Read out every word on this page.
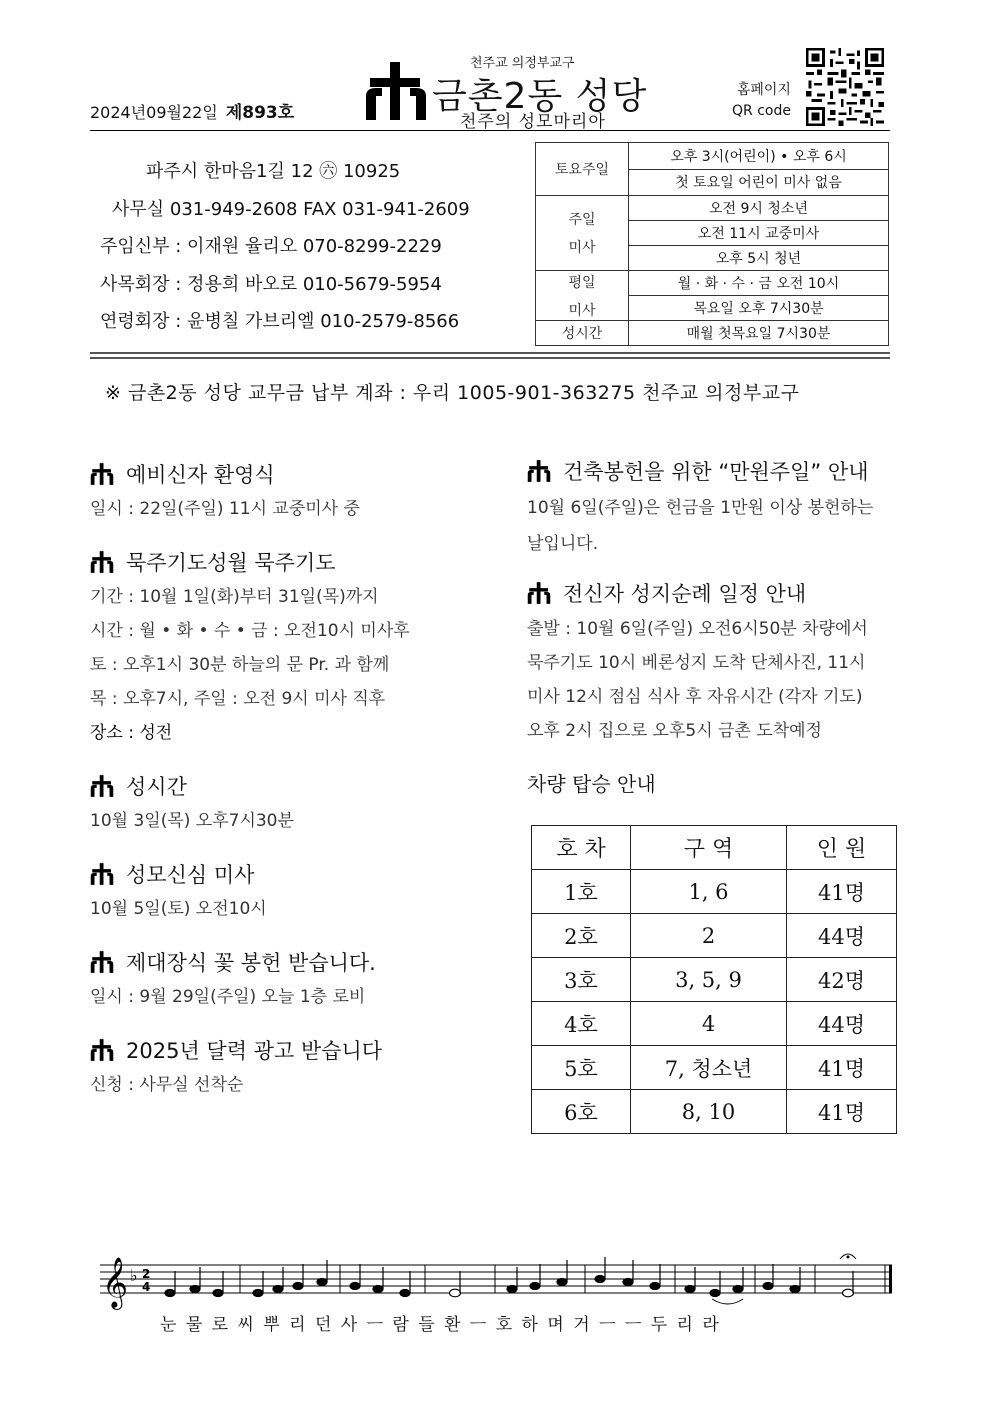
2024년09월22일 제893호
천주교 의정부교구
금촌2동 성당
천주의 성모마리아
홈페이지
QR code
파주시 한마음1길 12 ㊅ 10925
사무실 031-949-2608 FAX 031-941-2609
주임신부 : 이재원 율리오 070-8299-2229
사목회장 : 정용희 바오로 010-5679-5954
연령회장 : 윤병칠 가브리엘 010-2579-8566
토요주일	오후 3시(어린이) • 오후 6시
	첫 토요일 어린이 미사 없음

주일
미사	오전 9시 청소년
	오전 11시 교중미사
	오후 5시 청년

평일
미사	월 · 화 · 수 · 금 오전 10시
	목요일 오후 7시30분
성시간	매월 첫목요일 7시30분
※ 금촌2동 성당 교무금 납부 계좌 : 우리 1005-901-363275 천주교 의정부교구
예비신자 환영식
일시 : 22일(주일) 11시 교중미사 중
묵주기도성월 묵주기도
기간 : 10월 1일(화)부터 31일(목)까지
시간 : 월 • 화 • 수 • 금 : 오전10시 미사후
토 : 오후1시 30분 하늘의 문 Pr. 과 함께
목 : 오후7시, 주일 : 오전 9시 미사 직후
장소 : 성전
성시간
10월 3일(목) 오후7시30분
성모신심 미사
10월 5일(토) 오전10시
제대장식 꽃 봉헌 받습니다.
일시 : 9월 29일(주일) 오늘 1층 로비
2025년 달력 광고 받습니다
신청 : 사무실 선착순
건축봉헌을 위한 “만원주일” 안내
10월 6일(주일)은 헌금을 1만원 이상 봉헌하는
날입니다.
전신자 성지순례 일정 안내
출발 : 10월 6일(주일) 오전6시50분 차량에서
묵주기도 10시 베론성지 도착 단체사진, 11시
미사 12시 점심 식사 후 자유시간 (각자 기도)
오후 2시 집으로 오후5시 금촌 도착예정
차량 탑승 안내
호 차	구 역	인 원
1호	1, 6	41명
2호	2	44명
3호	3, 5, 9	42명
4호	4	44명
5호	7, 청소년	41명
6호	8, 10	41명
𝄞 ♭ 2
4
눈 물 로 씨 뿌 리 던 사 ㅡ 람 들 환 ㅡ 호 하 며 거 ㅡ ㅡ 두 리 라
